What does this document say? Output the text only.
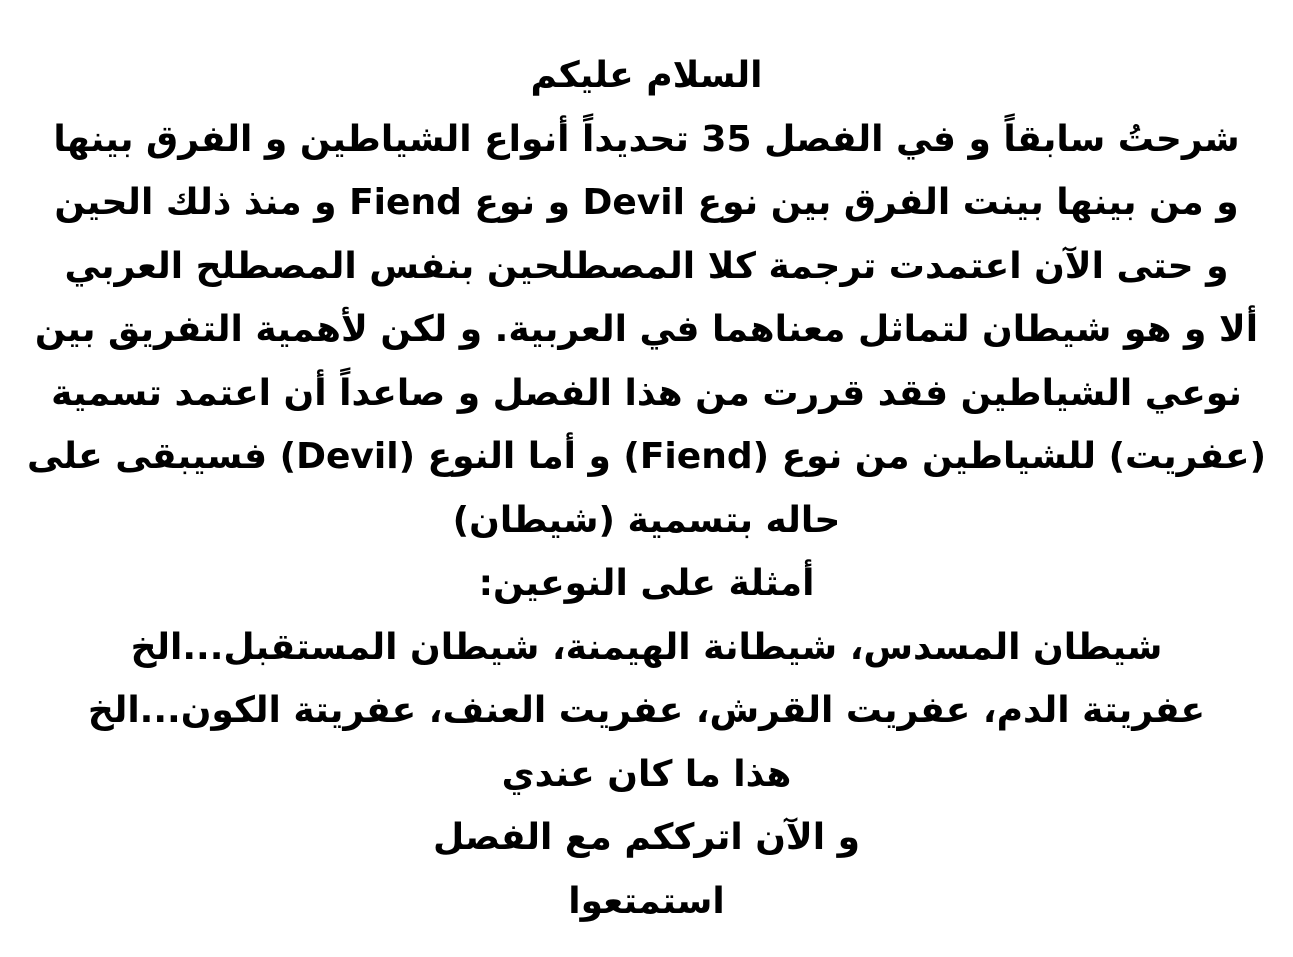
السلام عليكم
شرحتُ سابقاً و في الفصل 35 تحديداً أنواع الشياطين و الفرق بينها
و من بينها بينت الفرق بين نوع Devil و نوع Fiend و منذ ذلك الحين
و حتى الآن اعتمدت ترجمة كلا المصطلحين بنفس المصطلح العربي
ألا و هو شيطان لتماثل معناهما في العربية. و لكن لأهمية التفريق بين
نوعي الشياطين فقد قررت من هذا الفصل و صاعداً أن اعتمد تسمية
(عفريت) للشياطين من نوع (Fiend) و أما النوع (Devil) فسيبقى على
حاله بتسمية (شيطان)
أمثلة على النوعين:
شيطان المسدس، شيطانة الهيمنة، شيطان المستقبل...الخ
عفريتة الدم، عفريت القرش، عفريت العنف، عفريتة الكون...الخ
هذا ما كان عندي
و الآن اترككم مع الفصل
استمتعوا
